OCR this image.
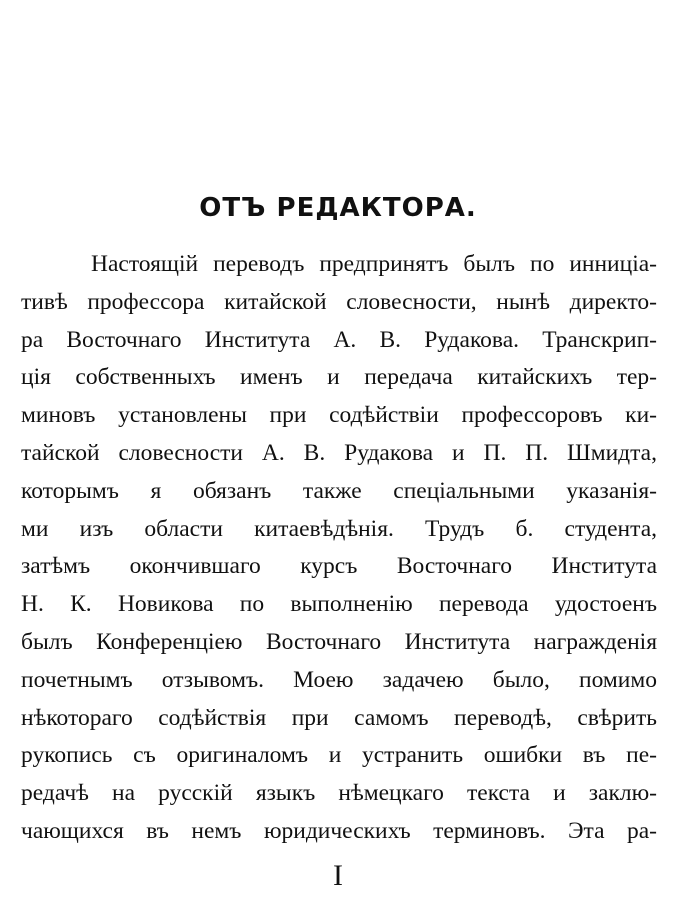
ОТЪ РЕДАКТОРА.
Настоящій переводъ предпринятъ былъ по инниціа-
тивѣ профессора китайской словесности, нынѣ директо-
ра Восточнаго Института А. В. Рудакова. Транскрип-
ція собственныхъ именъ и передача китайскихъ тер-
миновъ установлены при содѣйствіи профессоровъ ки-
тайской словесности А. В. Рудакова и П. П. Шмидта,
которымъ я обязанъ также спеціальными указанія-
ми изъ области китаевѣдѣнія. Трудъ б. студента,
затѣмъ окончившаго курсъ Восточнаго Института
Н. К. Новикова по выполненію перевода удостоенъ
былъ Конференціею Восточнаго Института награжденія
почетнымъ отзывомъ. Моею задачею было, помимо
нѣкотораго содѣйствія при самомъ переводѣ, свѣрить
рукопись съ оригиналомъ и устранить ошибки въ пе-
редачѣ на русскій языкъ нѣмецкаго текста и заклю-
чающихся въ немъ юридическихъ терминовъ. Эта ра-
I
